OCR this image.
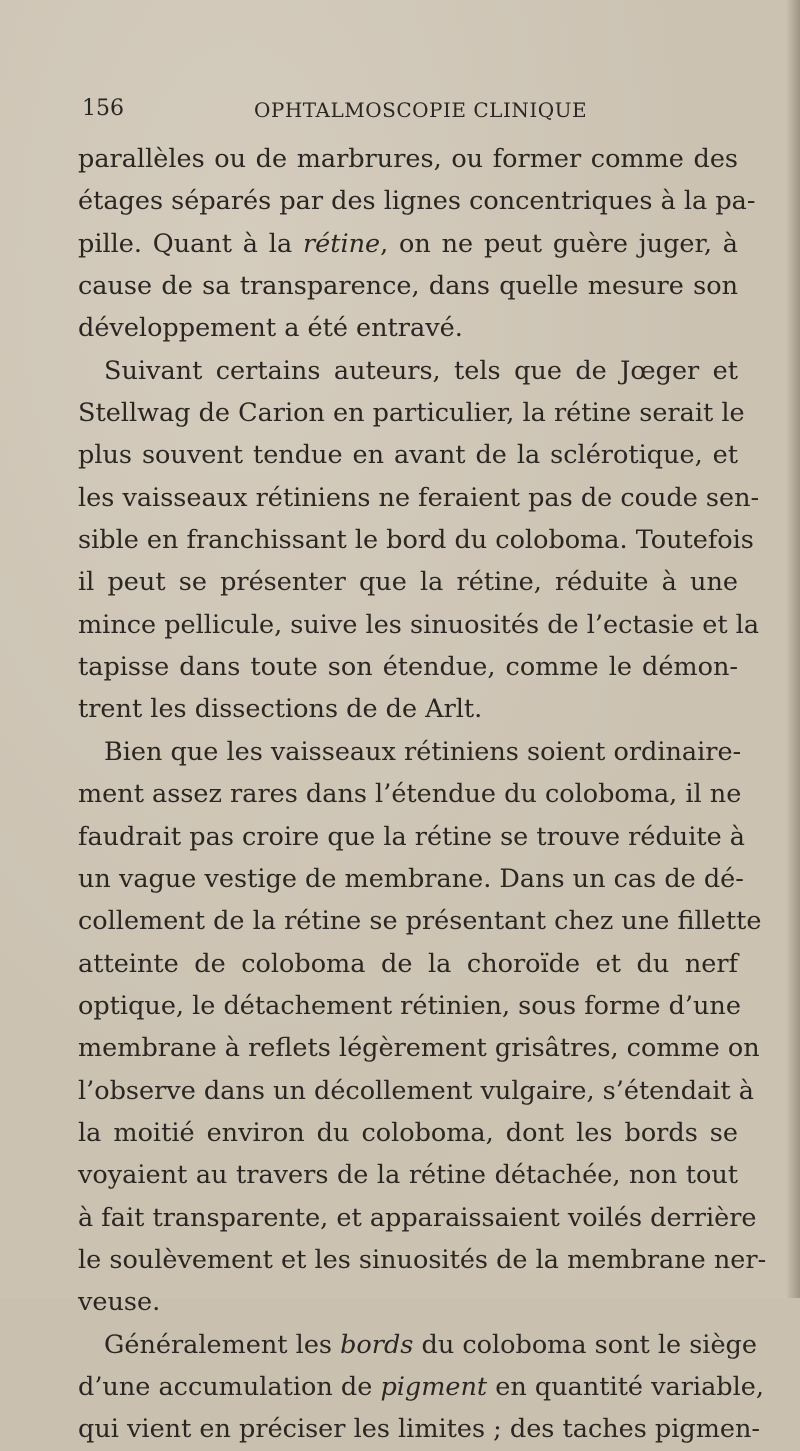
156	OPHTALMOSCOPIE CLINIQUE
parallèles ou de marbrures, ou former comme des
étages séparés par des lignes concentriques à la pa-
pille. Quant à la rétine, on ne peut guère juger, à
cause de sa transparence, dans quelle mesure son
développement a été entravé.
Suivant certains auteurs, tels que de Jœger et
Stellwag de Carion en particulier, la rétine serait le
plus souvent tendue en avant de la sclérotique, et
les vaisseaux rétiniens ne feraient pas de coude sen-
sible en franchissant le bord du coloboma. Toutefois
il peut se présenter que la rétine, réduite à une
mince pellicule, suive les sinuosités de l’ectasie et la
tapisse dans toute son étendue, comme le démon-
trent les dissections de de Arlt.
Bien que les vaisseaux rétiniens soient ordinaire-
ment assez rares dans l’étendue du coloboma, il ne
faudrait pas croire que la rétine se trouve réduite à
un vague vestige de membrane. Dans un cas de dé-
collement de la rétine se présentant chez une fillette
atteinte de coloboma de la choroïde et du nerf
optique, le détachement rétinien, sous forme d’une
membrane à reflets légèrement grisâtres, comme on
l’observe dans un décollement vulgaire, s’étendait à
la moitié environ du coloboma, dont les bords se
voyaient au travers de la rétine détachée, non tout
à fait transparente, et apparaissaient voilés derrière
le soulèvement et les sinuosités de la membrane ner-
veuse.
Généralement les bords du coloboma sont le siège
d’une accumulation de pigment en quantité variable,
qui vient en préciser les limites ; des taches pigmen-
